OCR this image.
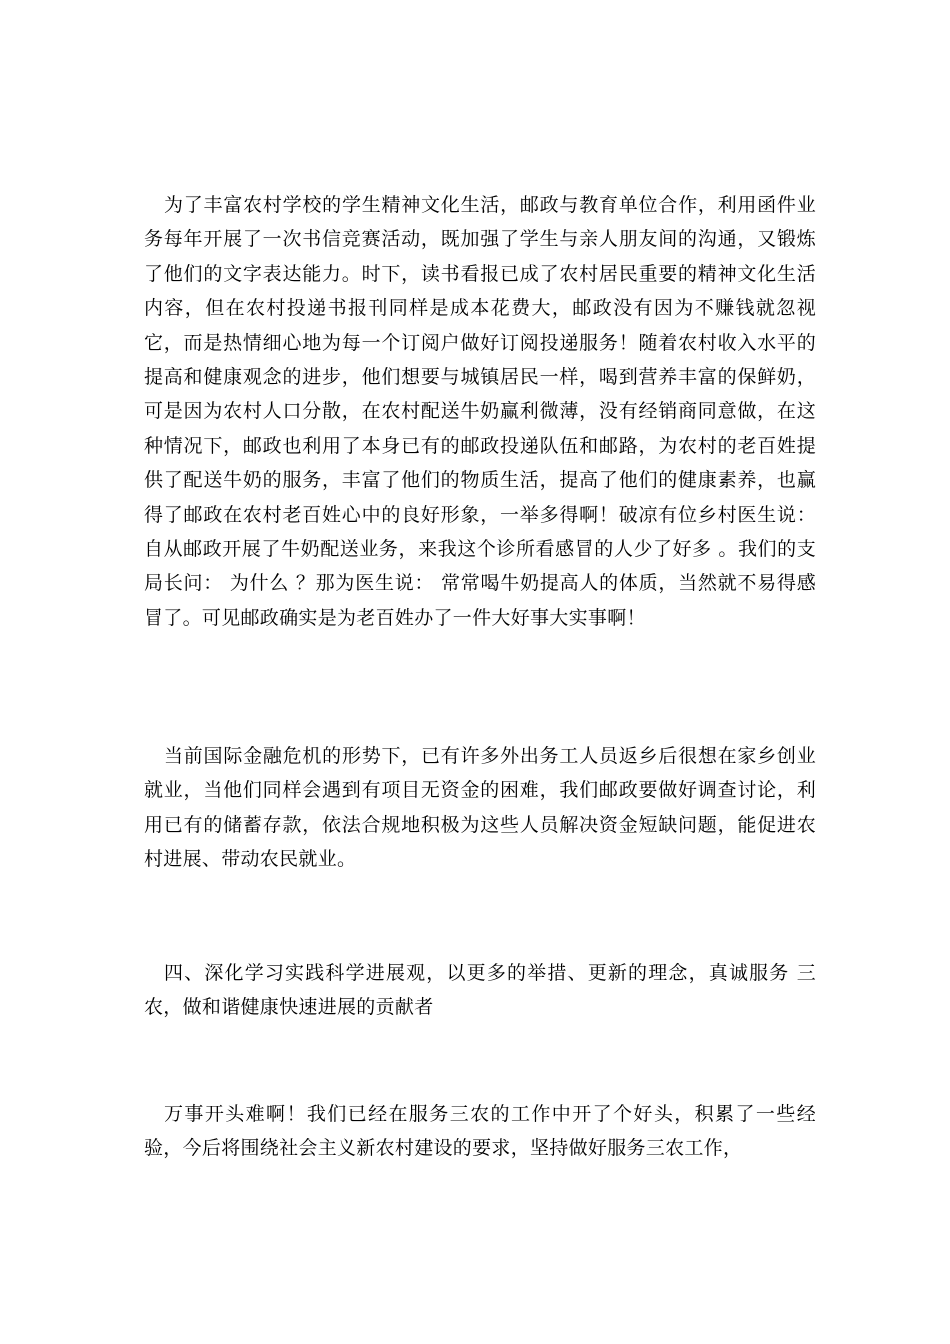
为了丰富农村学校的学生精神文化生活，邮政与教育单位合作，利用函件业务每年开展了一次书信竞赛活动，既加强了学生与亲人朋友间的沟通，又锻炼了他们的文字表达能力。时下，读书看报已成了农村居民重要的精神文化生活内容，但在农村投递书报刊同样是成本花费大，邮政没有因为不赚钱就忽视它，而是热情细心地为每一个订阅户做好订阅投递服务！随着农村收入水平的提高和健康观念的进步，他们想要与城镇居民一样，喝到营养丰富的保鲜奶，可是因为农村人口分散，在农村配送牛奶赢利微薄，没有经销商同意做，在这种情况下，邮政也利用了本身已有的邮政投递队伍和邮路，为农村的老百姓提供了配送牛奶的服务，丰富了他们的物质生活，提高了他们的健康素养，也赢得了邮政在农村老百姓心中的良好形象，一举多得啊！破凉有位乡村医生说： 自从邮政开展了牛奶配送业务，来我这个诊所看感冒的人少了好多 。我们的支局长问： 为什么 ？那为医生说： 常常喝牛奶提高人的体质，当然就不易得感冒了。可见邮政确实是为老百姓办了一件大好事大实事啊！

当前国际金融危机的形势下，已有许多外出务工人员返乡后很想在家乡创业就业，当他们同样会遇到有项目无资金的困难，我们邮政要做好调查讨论，利用已有的储蓄存款，依法合规地积极为这些人员解决资金短缺问题，能促进农村进展、带动农民就业。

四、深化学习实践科学进展观，以更多的举措、更新的理念，真诚服务 三农，做和谐健康快速进展的贡献者

万事开头难啊！我们已经在服务三农的工作中开了个好头，积累了一些经验，今后将围绕社会主义新农村建设的要求，坚持做好服务三农工作，
